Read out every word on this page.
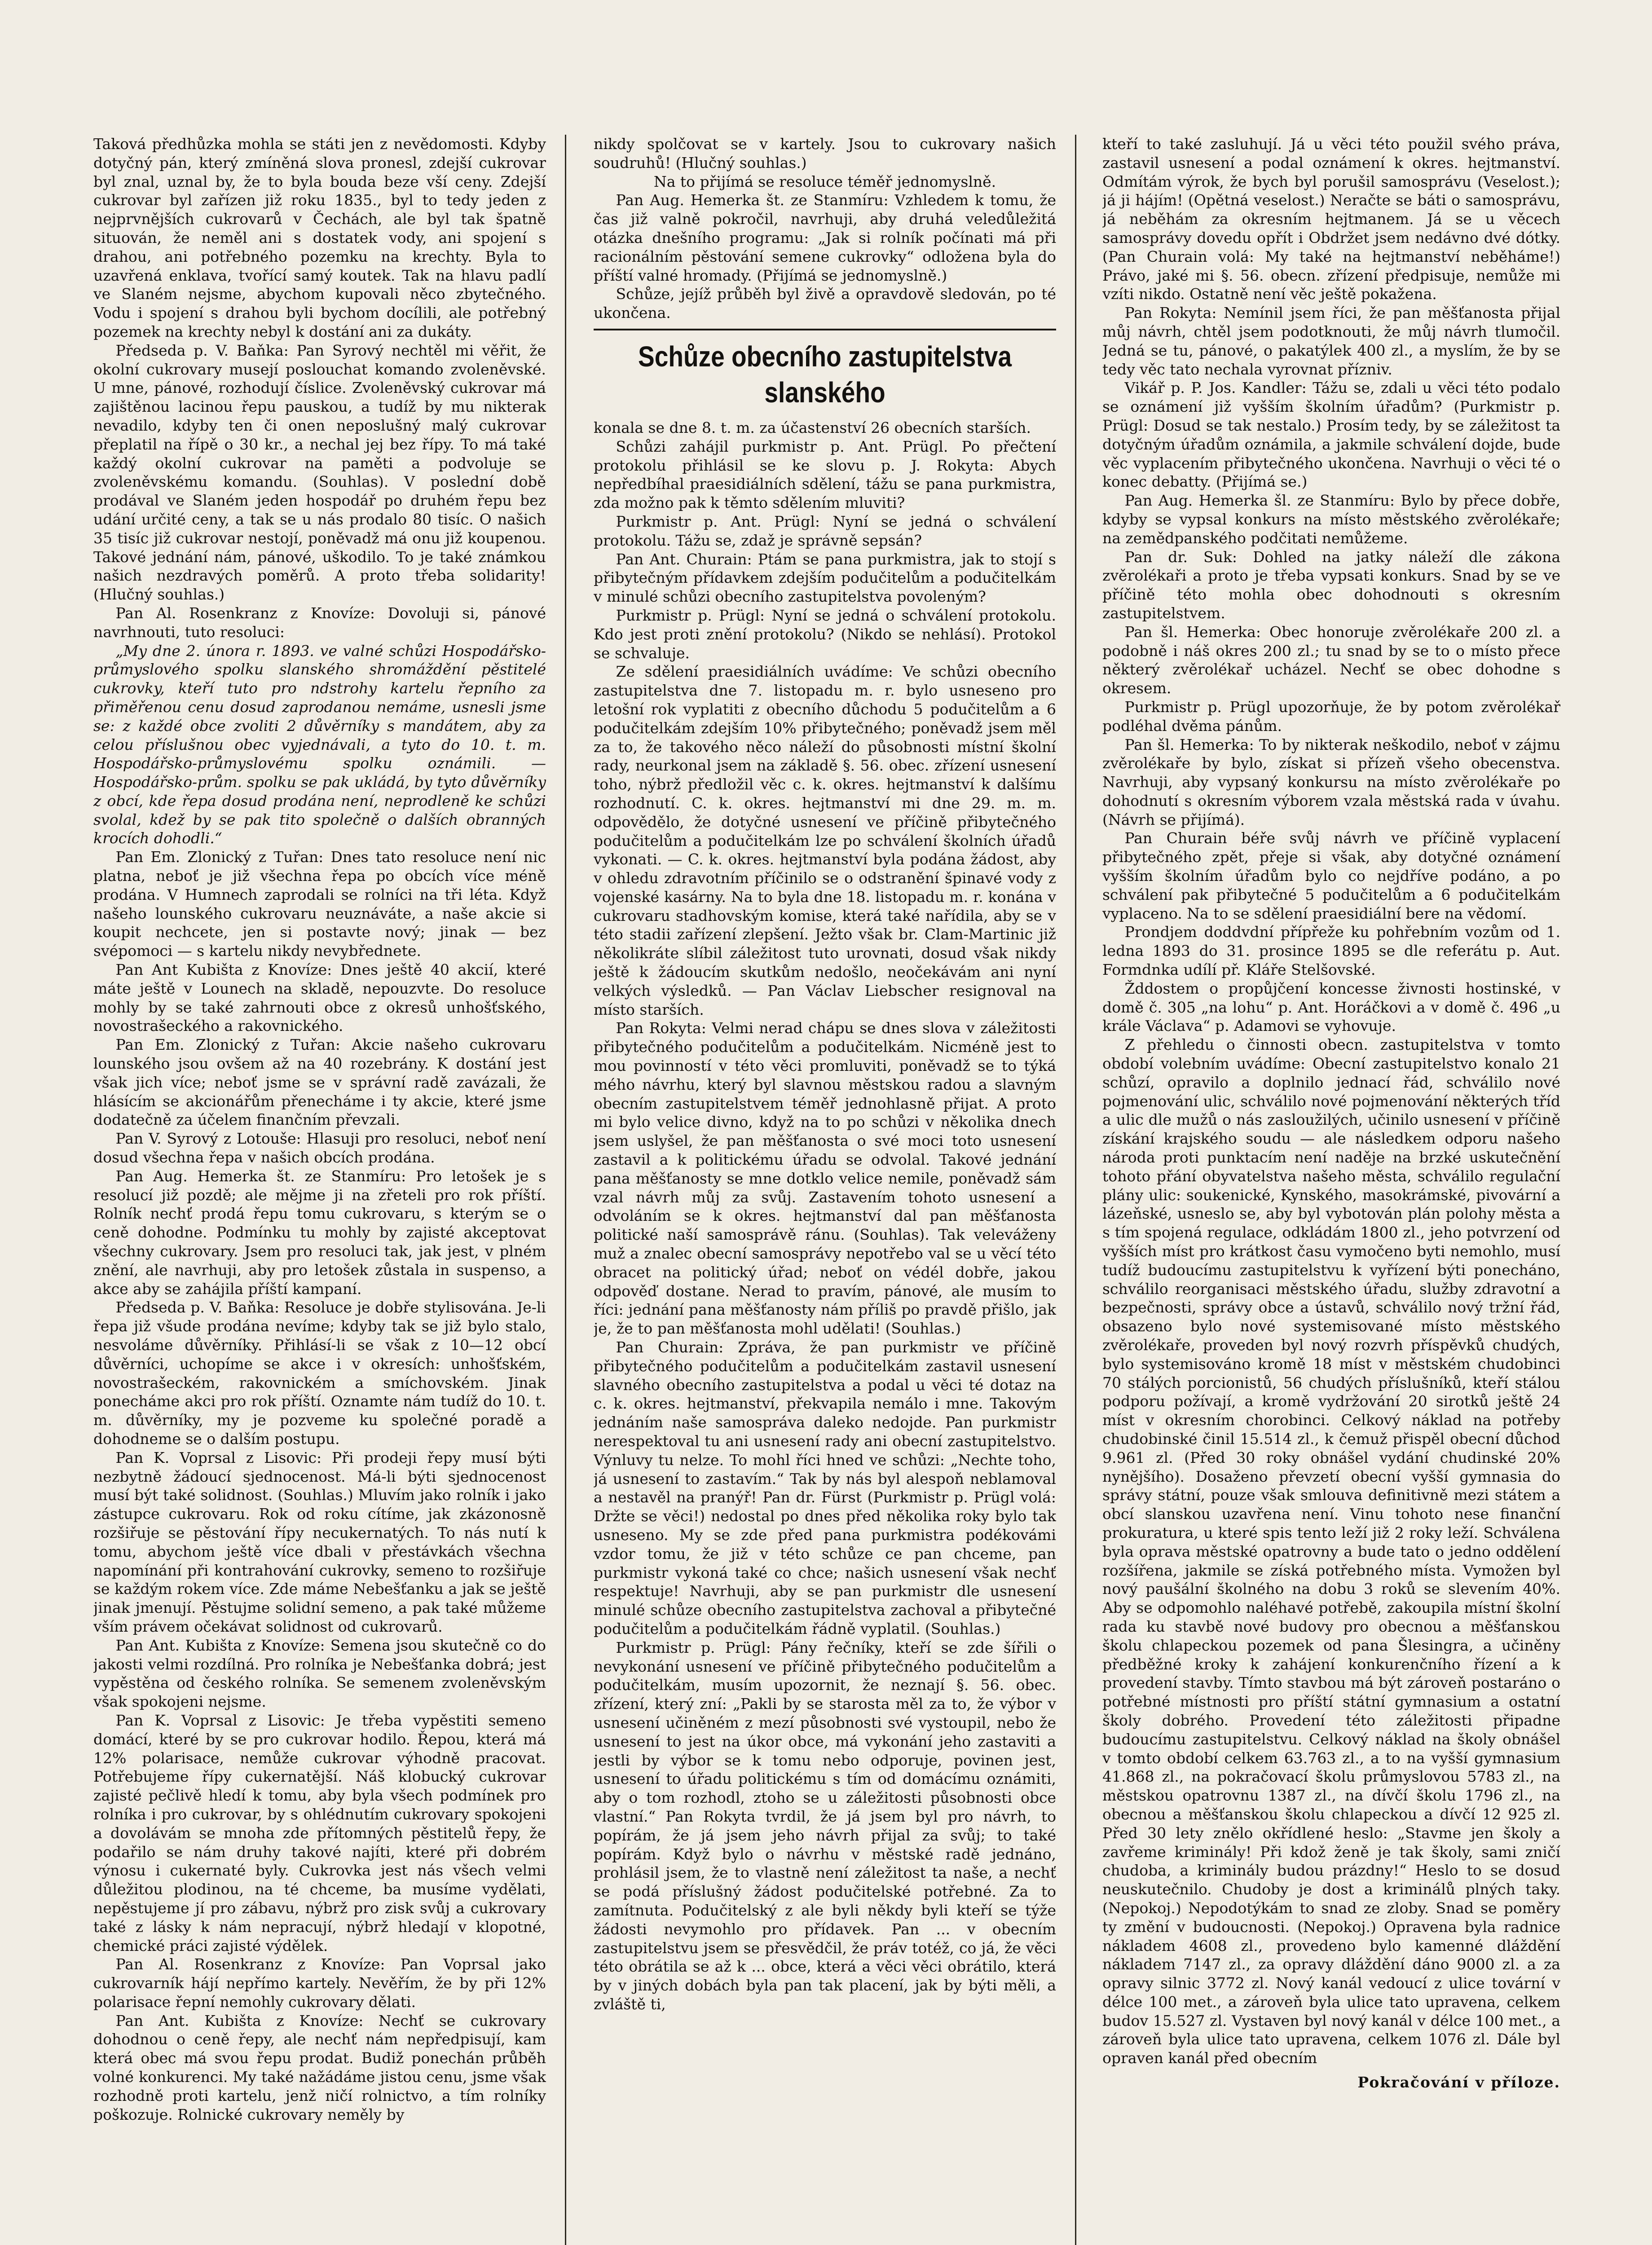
Taková předhůzka mohla se státi jen z nevědomosti. Kdyby dotyčný pán, který zmíněná slova pronesl, zdejší cukrovar byl znal, uznal by, že to byla bouda beze vší ceny. Zdejší cukrovar byl zařízen již roku 1835., byl to tedy jeden z nejprvnějších cukrovarů v Čechách, ale byl tak špatně situován, že neměl ani s dostatek vody, ani spojení s drahou, ani potřebného pozemku na krechty. Byla to uzavřená enklava, tvořící samý koutek. Tak na hlavu padlí ve Slaném nejsme, abychom kupovali něco zbytečného. Vodu i spojení s drahou byli bychom docílili, ale potřebný pozemek na krechty nebyl k dostání ani za dukáty.

Předseda p. V. Baňka: Pan Syrový nechtěl mi věřit, že okolní cukrovary musejí poslouchat komando zvoleněvské. U mne, pánové, rozhodují číslice. Zvoleněvský cukrovar má zajištěnou lacinou řepu pauskou, a tudíž by mu nikterak nevadilo, kdyby ten či onen neposlušný malý cukrovar přeplatil na řípě o 30 kr., a nechal jej bez řípy. To má také každý okolní cukrovar na paměti a podvoluje se zvoleněvskému komandu. (Souhlas). V poslední době prodával ve Slaném jeden hospodář po druhém řepu bez udání určité ceny, a tak se u nás prodalo 80 tisíc. O našich 35 tisíc již cukrovar nestojí, poněvadž má onu již koupenou. Takové jednání nám, pánové, uškodilo. To je také známkou našich nezdravých poměrů. A proto třeba solidarity! (Hlučný souhlas.)

Pan Al. Rosenkranz z Knovíze: Dovoluji si, pánové navrhnouti, tuto resoluci:

„My dne 2. února r. 1893. ve valné schůzi Hospodářsko-průmyslového spolku slanského shromáždění pěstitelé cukrovky, kteří tuto pro ndstrohy kartelu řepního za přiměřenou cenu dosud zaprodanou nemáme, usnesli jsme se: z každé obce zvoliti 2 důvěrníky s mandátem, aby za celou příslušnou obec vyjednávali, a tyto do 10. t. m. Hospodářsko-průmyslovému spolku oznámili. — Hospodářsko-prům. spolku se pak ukládá, by tyto důvěrníky z obcí, kde řepa dosud prodána není, neprodleně ke schůzi svolal, kdež by se pak tito společně o dalších obranných krocích dohodli.“

Pan Em. Zlonický z Tuřan: Dnes tato resoluce není nic platna, neboť je již všechna řepa po obcích více méně prodána. V Humnech zaprodali se rolníci na tři léta. Když našeho lounského cukrovaru neuznáváte, a naše akcie si koupit nechcete, jen si postavte nový; jinak — bez svépomoci — s kartelu nikdy nevybřednete.

Pan Ant Kubišta z Knovíze: Dnes ještě 40 akcií, které máte ještě v Lounech na skladě, nepouzvte. Do resoluce mohly by se také zahrnouti obce z okresů unhošťského, novostrašeckého a rakovnického.

Pan Em. Zlonický z Tuřan: Akcie našeho cukrovaru lounského jsou ovšem až na 40 rozebrány. K dostání jest však jich více; neboť jsme se v správní radě zavázali, že hlásícím se akcionářům přenecháme i ty akcie, které jsme dodatečně za účelem finančním převzali.

Pan V. Syrový z Lotouše: Hlasuji pro resoluci, neboť není dosud všechna řepa v našich obcích prodána.

Pan Aug. Hemerka št. ze Stanmíru: Pro letošek je s resolucí již pozdě; ale mějme ji na zřeteli pro rok příští. Rolník nechť prodá řepu tomu cukrovaru, s kterým se o ceně dohodne. Podmínku tu mohly by zajisté akceptovat všechny cukrovary. Jsem pro resoluci tak, jak jest, v plném znění, ale navrhuji, aby pro letošek zůstala in suspenso, a akce aby se zahájila příští kampaní.

Předseda p. V. Baňka: Resoluce je dobře stylisována. Je-li řepa již všude prodána nevíme; kdyby tak se již bylo stalo, nesvoláme důvěrníky. Přihlásí-li se však z 10—12 obcí důvěrníci, uchopíme se akce i v okresích: unhošťském, novostrašeckém, rakovnickém a smíchovském. Jinak ponecháme akci pro rok příští. Oznamte nám tudíž do 10. t. m. důvěrníky, my je pozveme ku společné poradě a dohodneme se o dalším postupu.

Pan K. Voprsal z Lisovic: Při prodeji řepy musí býti nezbytně žádoucí sjednocenost. Má-li býti sjednocenost musí být také solidnost. (Souhlas.) Mluvím jako rolník i jako zástupce cukrovaru. Rok od roku cítíme, jak zkázonosně rozšiřuje se pěstování řípy necukernatých. To nás nutí k tomu, abychom ještě více dbali v přestávkách všechna napomínání při kontrahování cukrovky, semeno to rozšiřuje se každým rokem více. Zde máme Nebešťanku a jak se ještě jinak jmenují. Pěstujme solidní semeno, a pak také můžeme vším právem očekávat solidnost od cukrovarů.

Pan Ant. Kubišta z Knovíze: Semena jsou skutečně co do jakosti velmi rozdílná. Pro rolníka je Nebešťanka dobrá; jest vypěstěna od českého rolníka. Se semenem zvoleněvským však spokojeni nejsme.

Pan K. Voprsal z Lisovic: Je třeba vypěstiti semeno domácí, které by se pro cukrovar hodilo. Řepou, která má 12% polarisace, nemůže cukrovar výhodně pracovat. Potřebujeme řípy cukernatější. Náš klobucký cukrovar zajisté pečlivě hledí k tomu, aby byla všech podmínek pro rolníka i pro cukrovar, by s ohlédnutím cukrovary spokojeni a dovolávám se mnoha zde přítomných pěstitelů řepy, že podařilo se nám druhy takové najíti, které při dobrém výnosu i cukernaté byly. Cukrovka jest nás všech velmi důležitou plodinou, na té chceme, ba musíme vydělati, nepěstujeme jí pro zábavu, nýbrž pro zisk svůj a cukrovary také z lásky k nám nepracují, nýbrž hledají v klopotné, chemické práci zajisté výdělek.

Pan Al. Rosenkranz z Knovíze: Pan Voprsal jako cukrovarník hájí nepřímo kartely. Nevěřím, že by při 12% polarisace řepní nemohly cukrovary dělati.

Pan Ant. Kubišta z Knovíze: Nechť se cukrovary dohodnou o ceně řepy, ale nechť nám nepředpisují, kam která obec má svou řepu prodat. Budiž ponechán průběh volné konkurenci. My také nažádáme jistou cenu, jsme však rozhodně proti kartelu, jenž ničí rolnictvo, a tím rolníky poškozuje. Rolnické cukrovary neměly by

nikdy spolčovat se v kartely. Jsou to cukrovary našich soudruhů! (Hlučný souhlas.)

Na to přijímá se resoluce téměř jednomyslně.

Pan Aug. Hemerka št. ze Stanmíru: Vzhledem k tomu, že čas již valně pokročil, navrhuji, aby druhá veledůležitá otázka dnešního programu: „Jak si rolník počínati má při racionálním pěstování semene cukrovky“ odložena byla do příští valné hromady. (Přijímá se jednomyslně.)

Schůze, jejíž průběh byl živě a opravdově sledován, po té ukončena.

Schůze obecního zastupitelstva
slanského

konala se dne 8. t. m. za účastenství 26 obecních starších.

Schůzi zahájil purkmistr p. Ant. Prügl. Po přečtení protokolu přihlásil se ke slovu p. J. Rokyta: Abych nepředbíhal praesidiálních sdělení, tážu se pana purkmistra, zda možno pak k těmto sdělením mluviti?

Purkmistr p. Ant. Prügl: Nyní se jedná o schválení protokolu. Tážu se, zdaž je správně sepsán?

Pan Ant. Churain: Ptám se pana purkmistra, jak to stojí s přibytečným přídavkem zdejším podučitelům a podučitelkám v minulé schůzi obecního zastupitelstva povoleným?

Purkmistr p. Prügl: Nyní se jedná o schválení protokolu. Kdo jest proti znění protokolu? (Nikdo se nehlásí). Protokol se schvaluje.

Ze sdělení praesidiálních uvádíme: Ve schůzi obecního zastupitelstva dne 7. listopadu m. r. bylo usneseno pro letošní rok vyplatiti z obecního důchodu 5 podučitelům a 6 podučitelkám zdejším 10% přibytečného; poněvadž jsem měl za to, že takového něco náleží do působnosti místní školní rady, neurkonal jsem na základě §. 56. obec. zřízení usnesení toho, nýbrž předložil věc c. k. okres. hejtmanství k dalšímu rozhodnutí. C. k. okres. hejtmanství mi dne 29. m. m. odpovědělo, že dotyčné usnesení ve příčině přibytečného podučitelům a podučitelkám lze po schválení školních úřadů vykonati. — C. k. okres. hejtmanství byla podána žádost, aby v ohledu zdravotním příčinilo se o odstranění špinavé vody z vojenské kasárny. Na to byla dne 18. listopadu m. r. konána v cukrovaru stadhovským komise, která také nařídila, aby se v této stadii zařízení zlepšení. Ježto však br. Clam-Martinic již několikráte slíbil záležitost tuto urovnati, dosud však nikdy ještě k žádoucím skutkům nedošlo, neočekávám ani nyní velkých výsledků. — Pan Václav Liebscher resignoval na místo starších.

Pan Rokyta: Velmi nerad chápu se dnes slova v záležitosti přibytečného podučitelům a podučitelkám. Nicméně jest to mou povinností v této věci promluviti, poněvadž se to týká mého návrhu, který byl slavnou městskou radou a slavným obecním zastupitelstvem téměř jednohlasně přijat. A proto mi bylo velice divno, když na to po schůzi v několika dnech jsem uslyšel, že pan měšťanosta o své moci toto usnesení zastavil a k politickému úřadu se odvolal. Takové jednání pana měšťanosty se mne dotklo velice nemile, poněvadž sám vzal návrh můj za svůj. Zastavením tohoto usnesení a odvoláním se k okres. hejtmanství dal pan měšťanosta politické naší samosprávě ránu. (Souhlas). Tak veleváženy muž a znalec obecní samosprávy nepotřebo val se u věcí této obracet na politický úřad; neboť on védél dobře, jakou odpověď dostane. Nerad to pravím, pánové, ale musím to říci: jednání pana měšťanosty nám příliš po pravdě přišlo, jak je, že to pan měšťanosta mohl udělati! (Souhlas.)

Pan Churain: Zpráva, že pan purkmistr ve příčině přibytečného podučitelům a podučitelkám zastavil usnesení slavného obecního zastupitelstva a podal u věci té dotaz na c. k. okres. hejtmanství, překvapila nemálo i mne. Takovým jednáním naše samospráva daleko nedojde. Pan purkmistr nerespektoval tu ani usnesení rady ani obecní zastupitelstvo. Výnluvy tu nelze. To mohl říci hned ve schůzi: „Nechte toho, já usnesení to zastavím.“ Tak by nás byl alespoň neblamoval a nestavěl na pranýř! Pan dr. Fürst (Purkmistr p. Prügl volá: Držte se věci!) nedostal po dnes před několika roky bylo tak usneseno. My se zde před pana purkmistra podékovámi vzdor tomu, že již v této schůze ce pan chceme, pan purkmistr vykoná také co chce; našich usnesení však nechť respektuje! Navrhuji, aby se pan purkmistr dle usnesení minulé schůze obecního zastupitelstva zachoval a přibytečné podučitelům a podučitelkám řádně vyplatil. (Souhlas.)

Purkmistr p. Prügl: Pány řečníky, kteří se zde šířili o nevykonání usnesení ve příčině přibytečného podučitelům a podučitelkám, musím upozornit, že neznají §. 56. obec. zřízení, který zní: „Pakli by se starosta měl za to, že výbor v usnesení učiněném z mezí působnosti své vystoupil, nebo že usnesení to jest na úkor obce, má vykonání jeho zastaviti a jestli by výbor se k tomu nebo odporuje, povinen jest, usnesení to úřadu politickému s tím od domácímu oznámiti, aby o tom rozhodl, ztoho se u záležitosti působnosti obce vlastní.“ Pan Rokyta tvrdil, že já jsem byl pro návrh, to popírám, že já jsem jeho návrh přijal za svůj; to také popírám. Když bylo o návrhu v městské radě jednáno, prohlásil jsem, že to vlastně není záležitost ta naše, a nechť se podá příslušný žádost podučitelské potřebné. Za to zamítnuta. Podučitelský z ale byli někdy byli kteří se týže žádosti nevymohlo pro přídavek. Pan ... v obecním zastupitelstvu jsem se přesvědčil, že práv totéž, co já, že věci této obrátila se až k ... obce, která a věci věci obrátilo, která by v jiných dobách byla pan tak placení, jak by býti měli, a zvláště ti,

kteří to také zasluhují. Já u věci této použil svého práva, zastavil usnesení a podal oznámení k okres. hejtmanství. Odmítám výrok, že bych byl porušil samosprávu (Veselost.); já ji hájím! (Opětná veselost.) Neračte se báti o samosprávu, já neběhám za okresním hejtmanem. Já se u věcech samosprávy dovedu opřít i Obdržet jsem nedávno dvé dótky. (Pan Churain volá: My také na hejtmanství neběháme!) Právo, jaké mi §. 56. obecn. zřízení předpisuje, nemůže mi vzíti nikdo. Ostatně není věc ještě pokažena.

Pan Rokyta: Nemínil jsem říci, že pan měšťanosta přijal můj návrh, chtěl jsem podotknouti, že můj návrh tlumočil. Jedná se tu, pánové, o pakatýlek 400 zl., a myslím, že by se tedy věc tato nechala vyrovnat přízniv.

Vikář p. P. Jos. Kandler: Tážu se, zdali u věci této podalo se oznámení již vyšším školním úřadům? (Purkmistr p. Prügl: Dosud se tak nestalo.) Prosím tedy, by se záležitost ta dotyčným úřadům oznámila, a jakmile schválení dojde, bude věc vyplacením přibytečného ukončena. Navrhuji o věci té o konec debatty. (Přijímá se.)

Pan Aug. Hemerka šl. ze Stanmíru: Bylo by přece dobře, kdyby se vypsal konkurs na místo městského zvěrolékaře; na zemědpanského podčitati nemůžeme.

Pan dr. Suk: Dohled na jatky náleží dle zákona zvěrolékaři a proto je třeba vypsati konkurs. Snad by se ve příčině této mohla obec dohodnouti s okresním zastupitelstvem.

Pan šl. Hemerka: Obec honoruje zvěrolékaře 200 zl. a podobně i náš okres 200 zl.; tu snad by se to o místo přece některý zvěrolékař ucházel. Nechť se obec dohodne s okresem.

Purkmistr p. Prügl upozorňuje, že by potom zvěrolékař podléhal dvěma pánům.

Pan šl. Hemerka: To by nikterak neškodilo, neboť v zájmu zvěrolékaře by bylo, získat si přízeň všeho obecenstva. Navrhuji, aby vypsaný konkursu na místo zvěrolékaře po dohodnutí s okresním výborem vzala městská rada v úvahu. (Návrh se přijímá).

Pan Churain béře svůj návrh ve příčině vyplacení přibytečného zpět, přeje si však, aby dotyčné oznámení vyšším školním úřadům bylo co nejdříve podáno, a po schválení pak přibytečné 5 podučitelům a 6 podučitelkám vyplaceno. Na to se sdělení praesidiální bere na vědomí.

Prondjem doddvdní přípřeže ku pohřebním vozům od 1. ledna 1893 do 31. prosince 1895 se dle referátu p. Aut. Formdnka udílí př. Kláře Stelšovské.

Žddostem o propůjčení koncesse živnosti hostinské, v domě č. 305 „na lohu“ p. Ant. Horáčkovi a v domě č. 496 „u krále Václava“ p. Adamovi se vyhovuje.

Z přehledu o činnosti obecn. zastupitelstva v tomto období volebním uvádíme: Obecní zastupitelstvo konalo 21 schůzí, opravilo a doplnilo jednací řád, schválilo nové pojmenování ulic, schválilo nové pojmenování některých tříd a ulic dle mužů o nás zasloužilých, učinilo usnesení v příčině získání krajského soudu — ale následkem odporu našeho národa proti punktacím není naděje na brzké uskutečnění tohoto přání obyvatelstva našeho města, schválilo regulační plány ulic: soukenické, Kynského, masokrámské, pivovární a lázeňské, usneslo se, aby byl vybotován plán polohy města a s tím spojená regulace, odkládám 1800 zl., jeho potvrzení od vyšších míst pro krátkost času vymočeno byti nemohlo, musí tudíž budoucímu zastupitelstvu k vyřízení býti ponecháno, schválilo reorganisaci městského úřadu, služby zdravotní a bezpečnosti, správy obce a ústavů, schválilo nový tržní řád, obsazeno bylo nové systemisované místo městského zvěrolékaře, proveden byl nový rozvrh příspěvků chudých, bylo systemisováno kromě 18 míst v městském chudobinci 70 stálých porcionistů, 56 chudých příslušníků, kteří stálou podporu požívají, a kromě vydržování 20 sirotků ještě 24 míst v okresním chorobinci. Celkový náklad na potřeby chudobinské činil 15.514 zl., k čemuž přispěl obecní důchod 9.961 zl. (Před 30 roky obnášel vydání chudinské 20% nynějšího). Dosaženo převzetí obecní vyšší gymnasia do správy státní, pouze však smlouva definitivně mezi státem a obcí slanskou uzavřena není. Vinu tohoto nese finanční prokuratura, u které spis tento leží již 2 roky leží. Schválena byla oprava městské opatrovny a bude tato o jedno oddělení rozšířena, jakmile se získá potřebného místa. Vymožen byl nový paušální školného na dobu 3 roků se slevením 40%. Aby se odpomohlo naléhavé potřebě, zakoupila místní školní rada ku stavbě nové budovy pro obecnou a měšťanskou školu chlapeckou pozemek od pana Šlesingra, a učiněny předběžné kroky k zahájení konkurenčního řízení a k provedení stavby. Tímto stavbou má být zároveň postaráno o potřebné místnosti pro příští státní gymnasium a ostatní školy dobrého. Provedení této záležitosti připadne budoucímu zastupitelstvu. Celkový náklad na školy obnášel v tomto období celkem 63.763 zl., a to na vyšší gymnasium 41.868 zl., na pokračovací školu průmyslovou 5783 zl., na městskou opatrovnu 1387 zl., na dívčí školu 1796 zl., na obecnou a měšťanskou školu chlapeckou a dívčí 12 925 zl. Před 30 lety znělo okřídlené heslo: „Stavme jen školy a zavřeme kriminály! Při kdož ženě je tak školy, sami zničí chudoba, a kriminály budou prázdny!“ Heslo to se dosud neuskutečnilo. Chudoby je dost a kriminálů plných taky. (Nepokoj.) Nepodotýkám to snad ze zloby. Snad se poměry ty změní v budoucnosti. (Nepokoj.) Opravena byla radnice nákladem 4608 zl., provedeno bylo kamenné dláždění nákladem 7147 zl., za opravy dláždění dáno 9000 zl. a za opravy silnic 3772 zl. Nový kanál vedoucí z ulice tovární v délce 100 met., a zároveň byla ulice tato upravena, celkem budov 15.527 zl. Vystaven byl nový kanál v délce 100 met., a zároveň byla ulice tato upravena, celkem 1076 zl. Dále byl opraven kanál před obecním

Pokračování v příloze.
